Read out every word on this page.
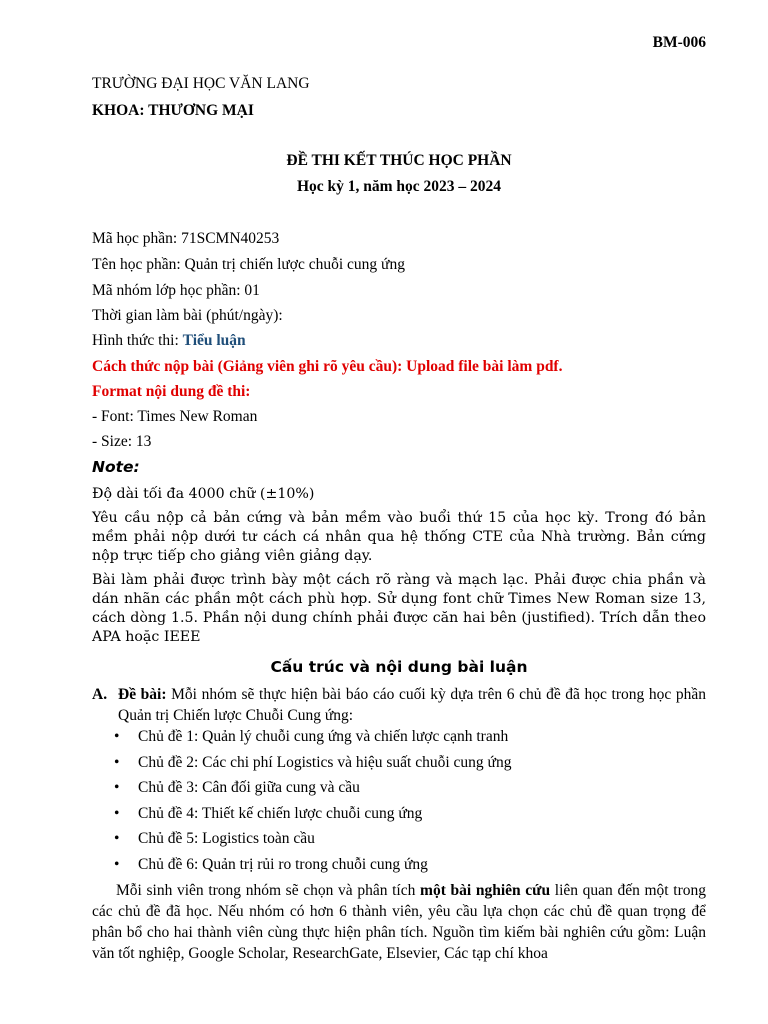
BM-006
TRƯỜNG ĐẠI HỌC VĂN LANG
KHOA: THƯƠNG MẠI
ĐỀ THI KẾT THÚC HỌC PHẦN
Học kỳ 1, năm học 2023 – 2024
Mã học phần: 71SCMN40253
Tên học phần: Quản trị chiến lược chuỗi cung ứng
Mã nhóm lớp học phần: 01
Thời gian làm bài (phút/ngày):
Hình thức thi: Tiểu luận
Cách thức nộp bài (Giảng viên ghi rõ yêu cầu): Upload file bài làm pdf.
Format nội dung đề thi:
- Font: Times New Roman
- Size: 13
Note:
Độ dài tối đa 4000 chữ (±10%)
Yêu cầu nộp cả bản cứng và bản mềm vào buổi thứ 15 của học kỳ. Trong đó bản mềm phải nộp dưới tư cách cá nhân qua hệ thống CTE của Nhà trường. Bản cứng nộp trực tiếp cho giảng viên giảng dạy.
Bài làm phải được trình bày một cách rõ ràng và mạch lạc. Phải được chia phần và dán nhãn các phần một cách phù hợp. Sử dụng font chữ Times New Roman size 13, cách dòng 1.5. Phần nội dung chính phải được căn hai bên (justified). Trích dẫn theo APA hoặc IEEE
Cấu trúc và nội dung bài luận
A. Đề bài: Mỗi nhóm sẽ thực hiện bài báo cáo cuối kỳ dựa trên 6 chủ đề đã học trong học phần Quản trị Chiến lược Chuỗi Cung ứng:
• Chủ đề 1: Quản lý chuỗi cung ứng và chiến lược cạnh tranh
• Chủ đề 2: Các chi phí Logistics và hiệu suất chuỗi cung ứng
• Chủ đề 3: Cân đối giữa cung và cầu
• Chủ đề 4: Thiết kế chiến lược chuỗi cung ứng
• Chủ đề 5: Logistics toàn cầu
• Chủ đề 6: Quản trị rủi ro trong chuỗi cung ứng
Mỗi sinh viên trong nhóm sẽ chọn và phân tích một bài nghiên cứu liên quan đến một trong các chủ đề đã học. Nếu nhóm có hơn 6 thành viên, yêu cầu lựa chọn các chủ đề quan trọng để phân bổ cho hai thành viên cùng thực hiện phân tích. Nguồn tìm kiếm bài nghiên cứu gồm: Luận văn tốt nghiệp, Google Scholar, ResearchGate, Elsevier, Các tạp chí khoa
